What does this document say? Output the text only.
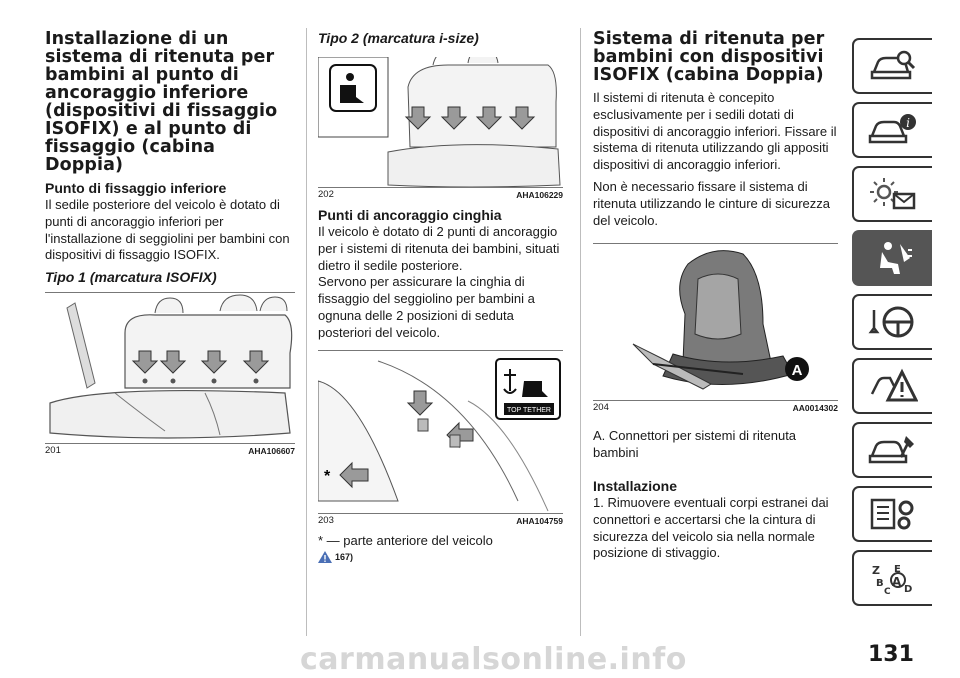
Installazione di un sistema di ritenuta per bambini al punto di ancoraggio inferiore (dispositivi di fissaggio ISOFIX) e al punto di fissaggio (cabina Doppia)
Punto di fissaggio inferiore

Il sedile posteriore del veicolo è dotato di punti di ancoraggio inferiori per l'installazione di seggiolini per bambini con dispositivi di fissaggio ISOFIX.

Tipo 1 (marcatura ISOFIX)
201	AHA106607
Tipo 2 (marcatura i-size)
202	AHA106229
Punti di ancoraggio cinghia

Il veicolo è dotato di 2 punti di ancoraggio per i sistemi di ritenuta dei bambini, situati dietro il sedile posteriore.

Servono per assicurare la cinghia di fissaggio del seggiolino per bambini a ognuna delle 2 posizioni di seduta posteriori del veicolo.

TOP TETHER
*
203	AHA104759

* — parte anteriore del veicolo

167)
Sistema di ritenuta per bambini con dispositivi ISOFIX (cabina Doppia)

Il sistemi di ritenuta è concepito esclusivamente per i sedili dotati di dispositivi di ancoraggio inferiori. Fissare il sistema di ritenuta utilizzando gli appositi dispositivi di ancoraggio inferiori.

Non è necessario fissare il sistema di ritenuta utilizzando le cinture di sicurezza del veicolo.

A
204	AA0014302

A. Connettori per sistemi di ritenuta bambini

Installazione

1. Rimuovere eventuali corpi estranei dai connettori e accertarsi che la cintura di sicurezza del veicolo sia nella normale posizione di stivaggio.

i
Z E
B A
C D
131
carmanualsonline.info
